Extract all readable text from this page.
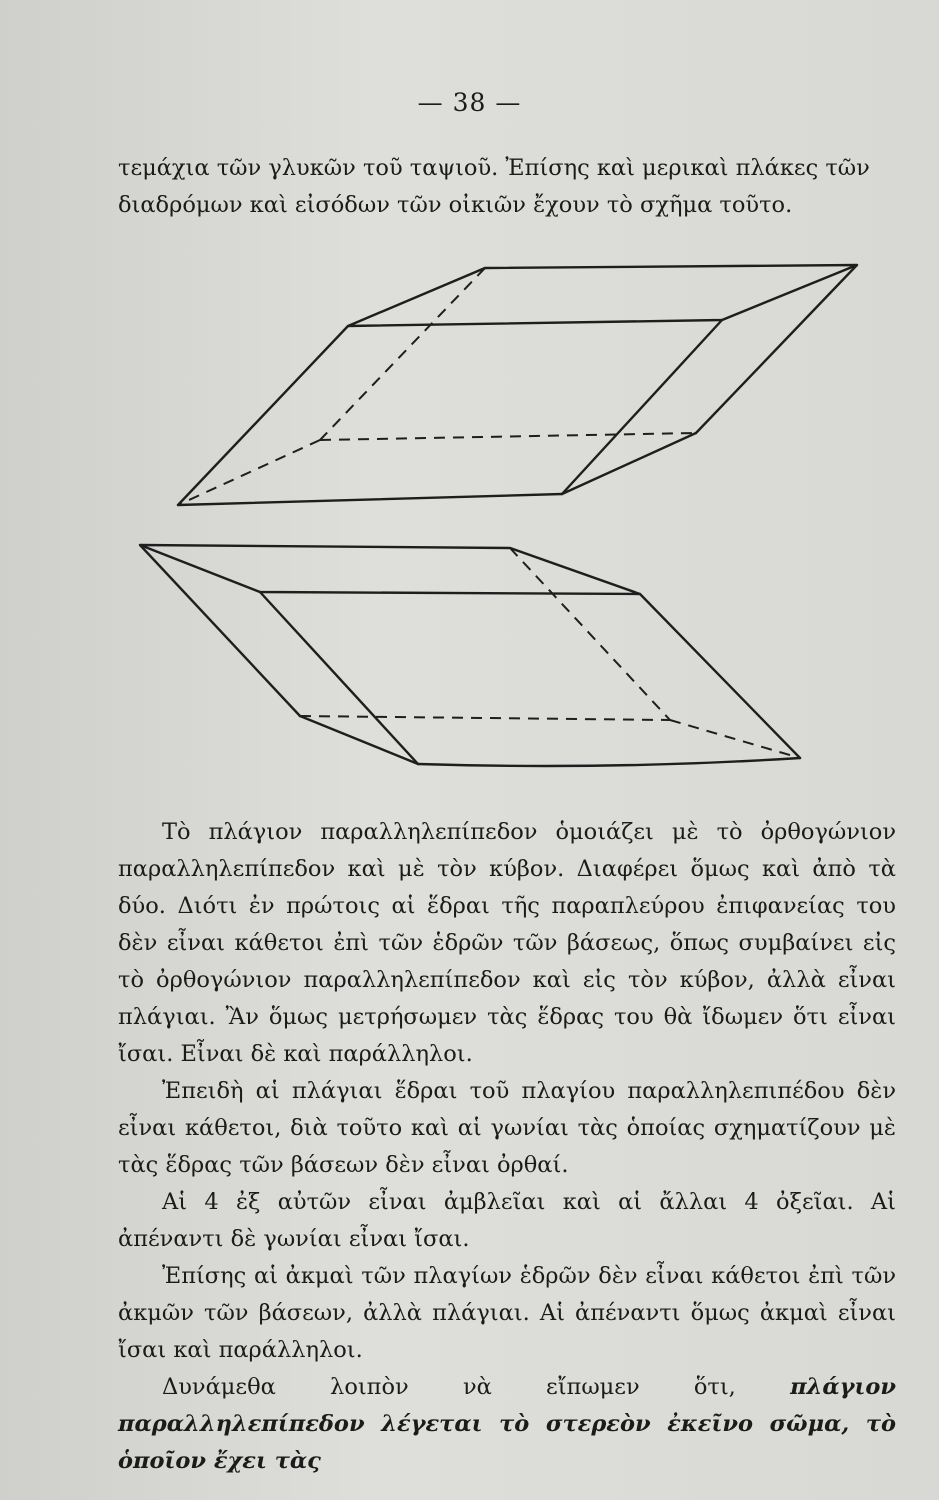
— 38 —

τεμάχια τῶν γλυκῶν τοῦ ταψιοῦ. Ἐπίσης καὶ μερικαὶ πλάκες τῶν

διαδρόμων καὶ εἰσόδων τῶν οἰκιῶν ἔχουν τὸ σχῆμα τοῦτο.

Τὸ πλάγιον παραλληλεπίπεδον ὁμοιάζει μὲ τὸ ὀρθογώνιον παραλληλεπίπεδον καὶ μὲ τὸν κύβον. Διαφέρει ὅμως καὶ ἀπὸ τὰ δύο. Διότι ἐν πρώτοις αἱ ἕδραι τῆς παραπλεύρου ἐπιφανείας του δὲν εἶναι κάθετοι ἐπὶ τῶν ἑδρῶν τῶν βάσεως, ὅπως συμβαίνει εἰς τὸ ὀρθογώνιον παραλληλεπίπεδον καὶ εἰς τὸν κύβον, ἀλλὰ εἶναι πλάγιαι. Ἂν ὅμως μετρήσωμεν τὰς ἕδρας του θὰ ἴδωμεν ὅτι εἶναι ἴσαι. Εἶναι δὲ καὶ παράλληλοι.

Ἐπειδὴ αἱ πλάγιαι ἕδραι τοῦ πλαγίου παραλληλεπιπέδου δὲν εἶναι κάθετοι, διὰ τοῦτο καὶ αἱ γωνίαι τὰς ὁποίας σχηματίζουν μὲ τὰς ἕδρας τῶν βάσεων δὲν εἶναι ὀρθαί.

Αἱ 4 ἐξ αὐτῶν εἶναι ἀμβλεῖαι καὶ αἱ ἄλλαι 4 ὀξεῖαι. Αἱ ἀπέναντι δὲ γωνίαι εἶναι ἴσαι.

Ἐπίσης αἱ ἀκμαὶ τῶν πλαγίων ἑδρῶν δὲν εἶναι κάθετοι ἐπὶ τῶν ἀκμῶν τῶν βάσεων, ἀλλὰ πλάγιαι. Αἱ ἀπέναντι ὅμως ἀκμαὶ εἶναι ἴσαι καὶ παράλληλοι.

Δυνάμεθα λοιπὸν νὰ εἴπωμεν ὅτι, πλάγιον παραλληλεπίπεδον λέγεται τὸ στερεὸν ἐκεῖνο σῶμα, τὸ ὁποῖον ἔχει τὰς
